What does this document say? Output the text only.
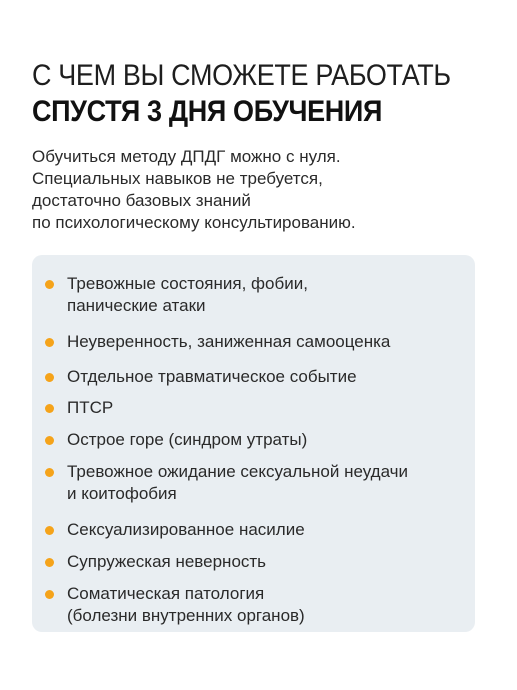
С ЧЕМ ВЫ СМОЖЕТЕ РАБОТАТЬ
СПУСТЯ 3 ДНЯ ОБУЧЕНИЯ
Обучиться методу ДПДГ можно с нуля.
Специальных навыков не требуется,
достаточно базовых знаний
по психологическому консультированию.
Тревожные состояния, фобии,
панические атаки
Неуверенность, заниженная самооценка
Отдельное травматическое событие
ПТСР
Острое горе (синдром утраты)
Тревожное ожидание сексуальной неудачи
и коитофобия
Сексуализированное насилие
Супружеская неверность
Соматическая патология
(болезни внутренних органов)
